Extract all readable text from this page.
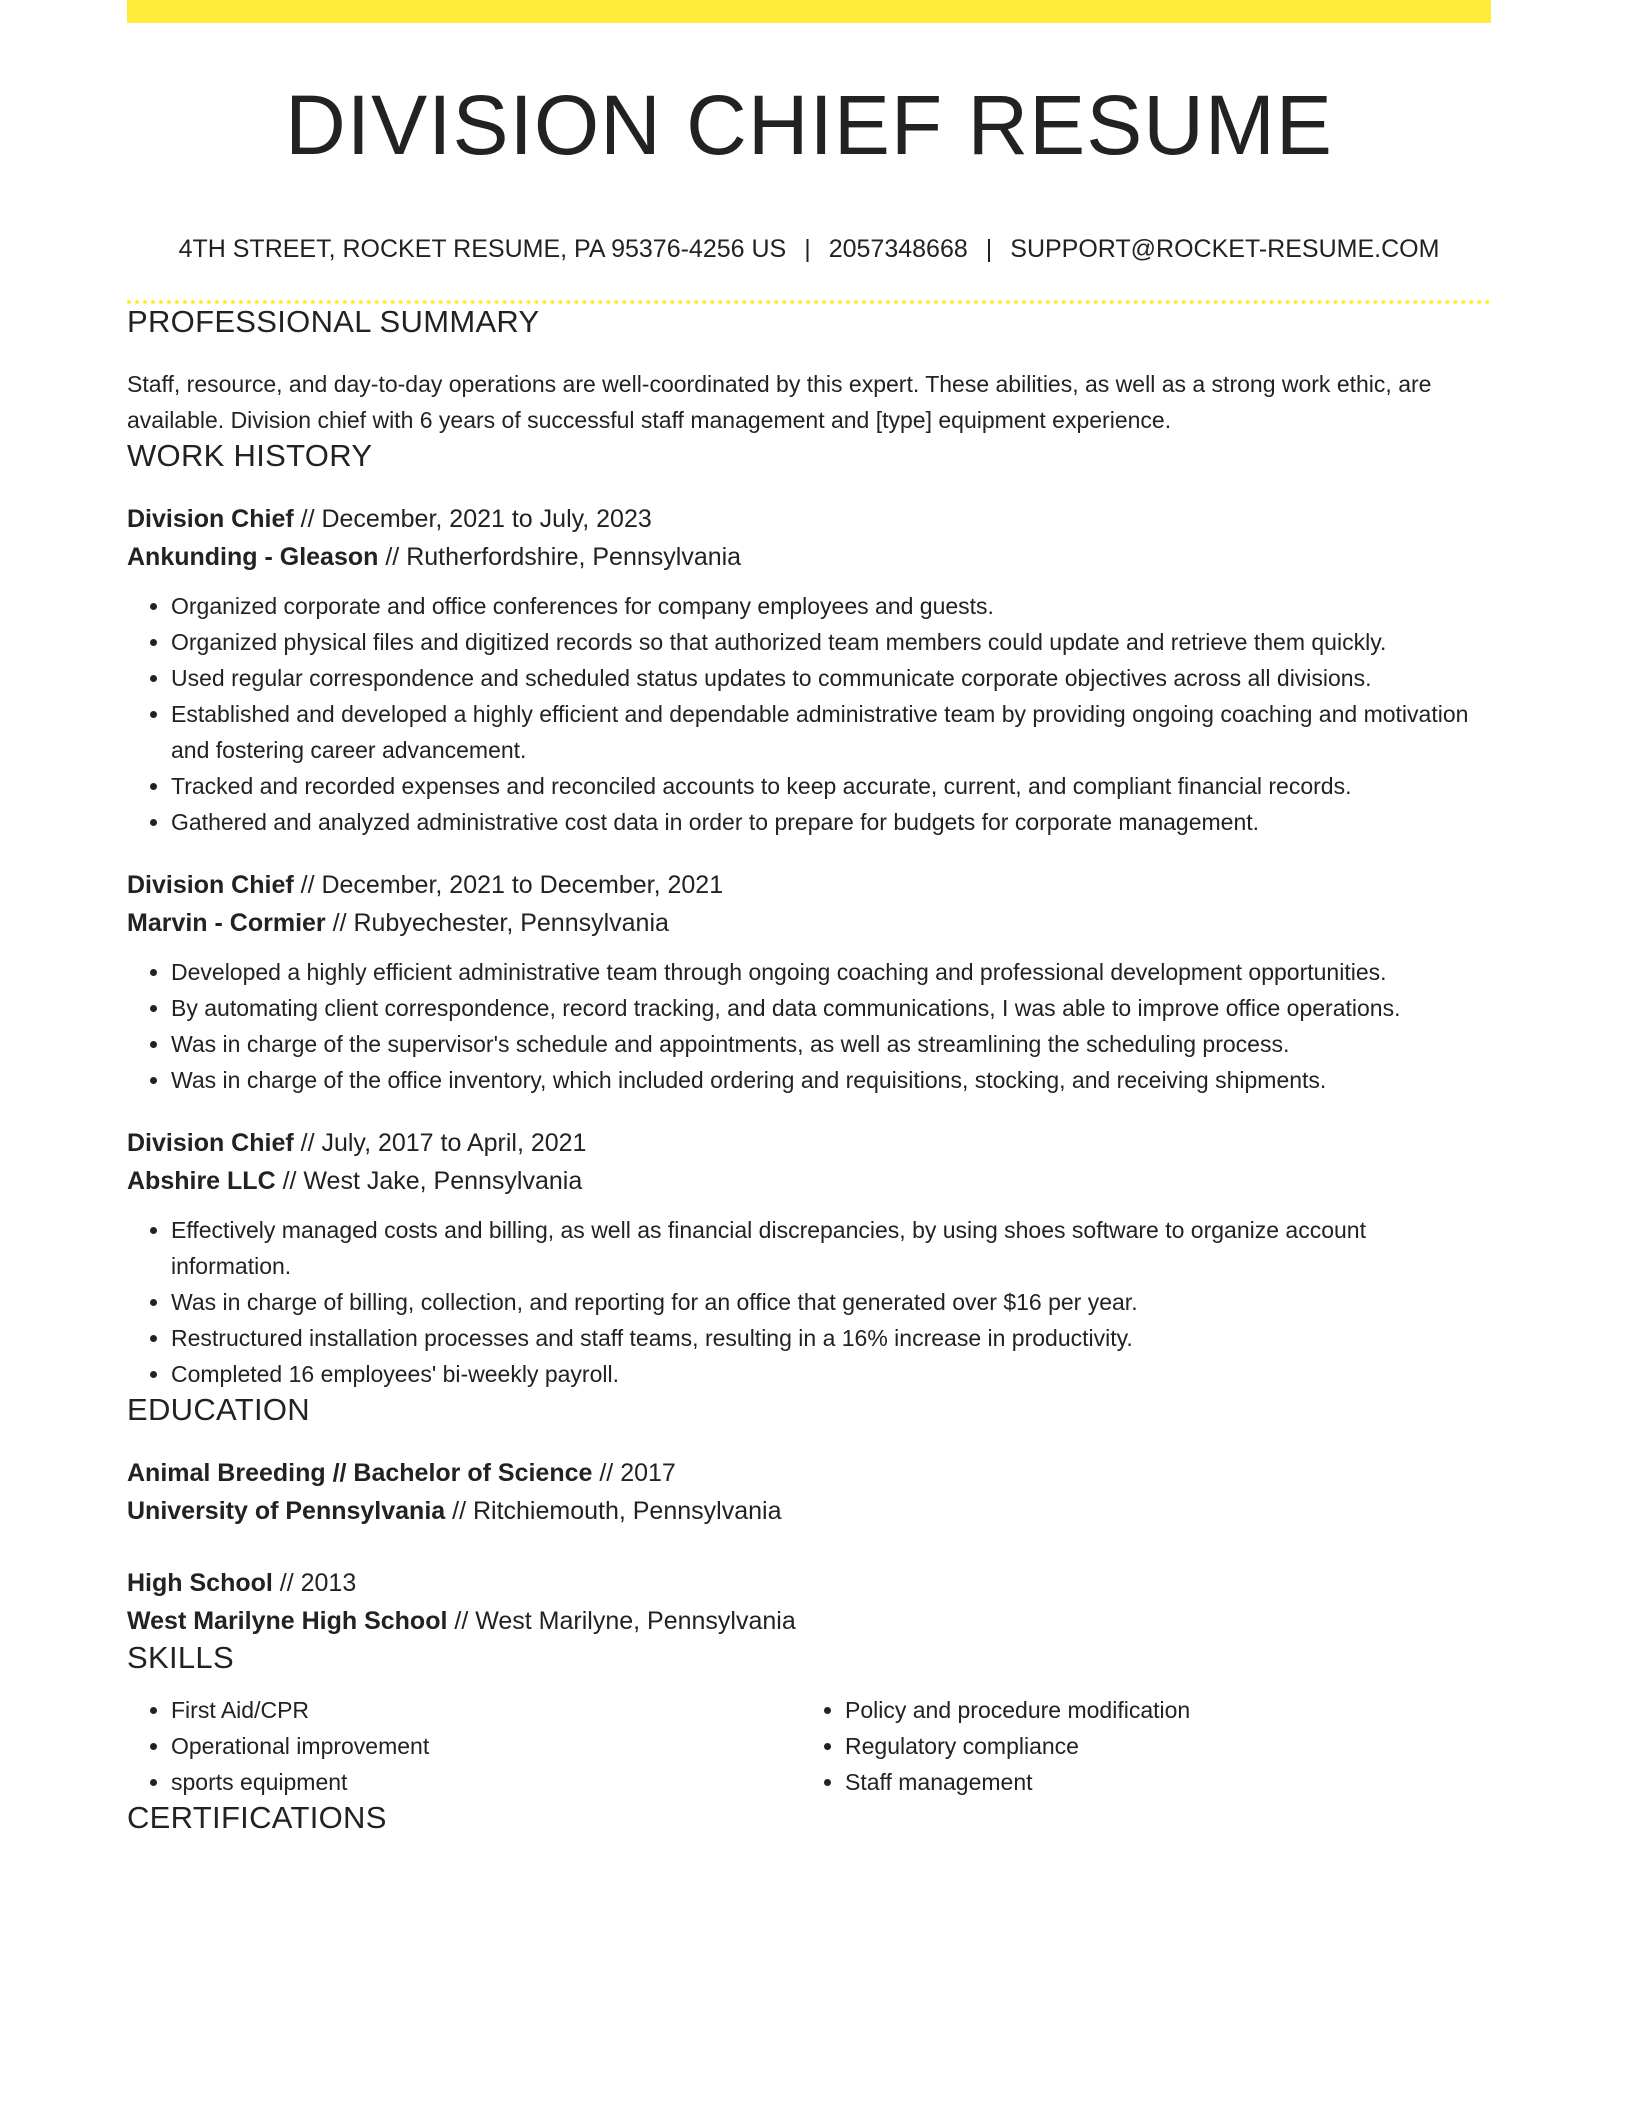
DIVISION CHIEF RESUME
4TH STREET, ROCKET RESUME, PA 95376-4256 US | 2057348668 | SUPPORT@ROCKET-RESUME.COM
PROFESSIONAL SUMMARY

Staff, resource, and day-to-day operations are well-coordinated by this expert. These abilities, as well as a strong work ethic, are available. Division chief with 6 years of successful staff management and [type] equipment experience.

WORK HISTORY
Division Chief // December, 2021 to July, 2023
Ankunding - Gleason // Rutherfordshire, Pennsylvania
• Organized corporate and office conferences for company employees and guests.
• Organized physical files and digitized records so that authorized team members could update and retrieve them quickly.
• Used regular correspondence and scheduled status updates to communicate corporate objectives across all divisions.
• Established and developed a highly efficient and dependable administrative team by providing ongoing coaching and motivation and fostering career advancement.
• Tracked and recorded expenses and reconciled accounts to keep accurate, current, and compliant financial records.
• Gathered and analyzed administrative cost data in order to prepare for budgets for corporate management.
Division Chief // December, 2021 to December, 2021
Marvin - Cormier // Rubyechester, Pennsylvania
• Developed a highly efficient administrative team through ongoing coaching and professional development opportunities.
• By automating client correspondence, record tracking, and data communications, I was able to improve office operations.
• Was in charge of the supervisor's schedule and appointments, as well as streamlining the scheduling process.
• Was in charge of the office inventory, which included ordering and requisitions, stocking, and receiving shipments.
Division Chief // July, 2017 to April, 2021
Abshire LLC // West Jake, Pennsylvania
• Effectively managed costs and billing, as well as financial discrepancies, by using shoes software to organize account information.
• Was in charge of billing, collection, and reporting for an office that generated over $16 per year.
• Restructured installation processes and staff teams, resulting in a 16% increase in productivity.
• Completed 16 employees' bi-weekly payroll.
EDUCATION
Animal Breeding // Bachelor of Science // 2017
University of Pennsylvania // Ritchiemouth, Pennsylvania
High School // 2013
West Marilyne High School // West Marilyne, Pennsylvania
SKILLS
• First Aid/CPR
• Operational improvement
• sports equipment
• Policy and procedure modification
• Regulatory compliance
• Staff management
CERTIFICATIONS
